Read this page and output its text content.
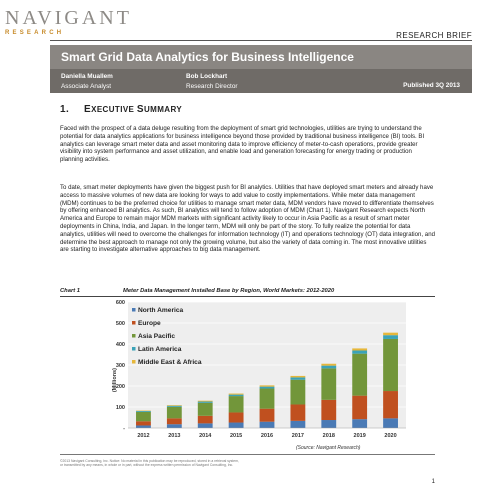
NAVIGANT
RESEARCH	RESEARCH BRIEF
Smart Grid Data Analytics for Business Intelligence
Daniella Muallem
Associate Analyst
Bob Lockhart
Research Director	Published 3Q 2013
1. EXECUTIVE SUMMARY
Faced with the prospect of a data deluge resulting from the deployment of smart grid technologies, utilities are trying to understand the potential for data analytics applications for business intelligence beyond those provided by traditional business intelligence (BI) tools. BI analytics can leverage smart meter data and asset monitoring data to improve efficiency of meter-to-cash operations, provide greater visibility into system performance and asset utilization, and enable load and generation forecasting for energy trading or production planning activities.
To date, smart meter deployments have given the biggest push for BI analytics. Utilities that have deployed smart meters and already have access to massive volumes of new data are looking for ways to add value to costly implementations. While meter data management (MDM) continues to be the preferred choice for utilities to manage smart meter data, MDM vendors have moved to differentiate themselves by offering enhanced BI analytics. As such, BI analytics will tend to follow adoption of MDM (Chart 1). Navigant Research expects North America and Europe to remain major MDM markets with significant activity likely to occur in Asia Pacific as a result of smart meter deployments in China, India, and Japan. In the longer term, MDM will only be part of the story. To fully realize the potential for data analytics, utilities will need to overcome the challenges for information technology (IT) and operations technology (OT) data integration, and determine the best approach to manage not only the growing volume, but also the variety of data coming in. The most innovative utilities are starting to investigate alternative approaches to big data management.
Chart 1	Meter Data Management Installed Base by Region, World Markets: 2012-2020
-
100
200
300
400
500
600
(Millions)
2012	2013	2014	2015	2016	2017	2018	2019	2020
North America
Europe
Asia Pacific
Latin America
Middle East & Africa
(Source: Navigant Research)
©2013 Navigant Consulting, Inc. Notice: No material in this publication may be reproduced, stored in a retrieval system,
or transmitted by any means, in whole or in part, without the express written permission of Navigant Consulting, Inc.
1
